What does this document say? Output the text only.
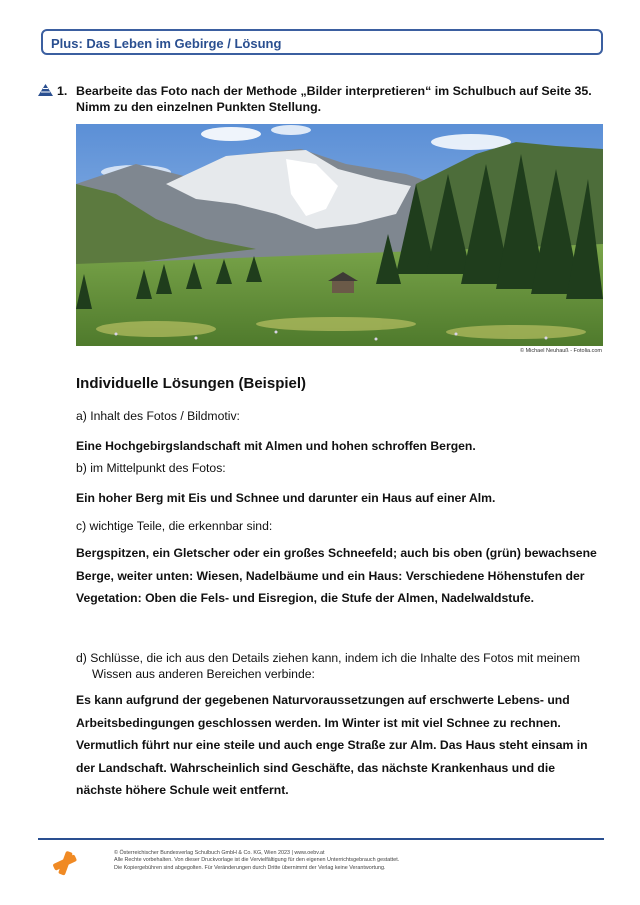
Plus: Das Leben im Gebirge / Lösung
1. Bearbeite das Foto nach der Methode „Bilder interpretieren“ im Schulbuch auf Seite 35. Nimm zu den einzelnen Punkten Stellung.
© Michael Neuhauß - Fotolia.com
Individuelle Lösungen (Beispiel)
a) Inhalt des Fotos / Bildmotiv:
Eine Hochgebirgslandschaft mit Almen und hohen schroffen Bergen.
b) im Mittelpunkt des Fotos:
Ein hoher Berg mit Eis und Schnee und darunter ein Haus auf einer Alm.
c) wichtige Teile, die erkennbar sind:
Bergspitzen, ein Gletscher oder ein großes Schneefeld; auch bis oben (grün) bewachsene Berge, weiter unten: Wiesen, Nadelbäume und ein Haus: Verschiedene Höhenstufen der Vegetation: Oben die Fels- und Eisregion, die Stufe der Almen, Nadelwaldstufe.
d) Schlüsse, die ich aus den Details ziehen kann, indem ich die Inhalte des Fotos mit meinem Wissen aus anderen Bereichen verbinde:
Es kann aufgrund der gegebenen Naturvoraussetzungen auf erschwerte Lebens- und Arbeitsbedingungen geschlossen werden. Im Winter ist mit viel Schnee zu rechnen. Vermutlich führt nur eine steile und auch enge Straße zur Alm. Das Haus steht einsam in der Landschaft. Wahrscheinlich sind Geschäfte, das nächste Krankenhaus und die nächste höhere Schule weit entfernt.
© Österreichischer Bundesverlag Schulbuch GmbH & Co. KG, Wien 2023 | www.oebv.at
Alle Rechte vorbehalten. Von dieser Druckvorlage ist die Vervielfältigung für den eigenen Unterrichtsgebrauch gestattet.
Die Kopiergebühren sind abgegolten. Für Veränderungen durch Dritte übernimmt der Verlag keine Verantwortung.
